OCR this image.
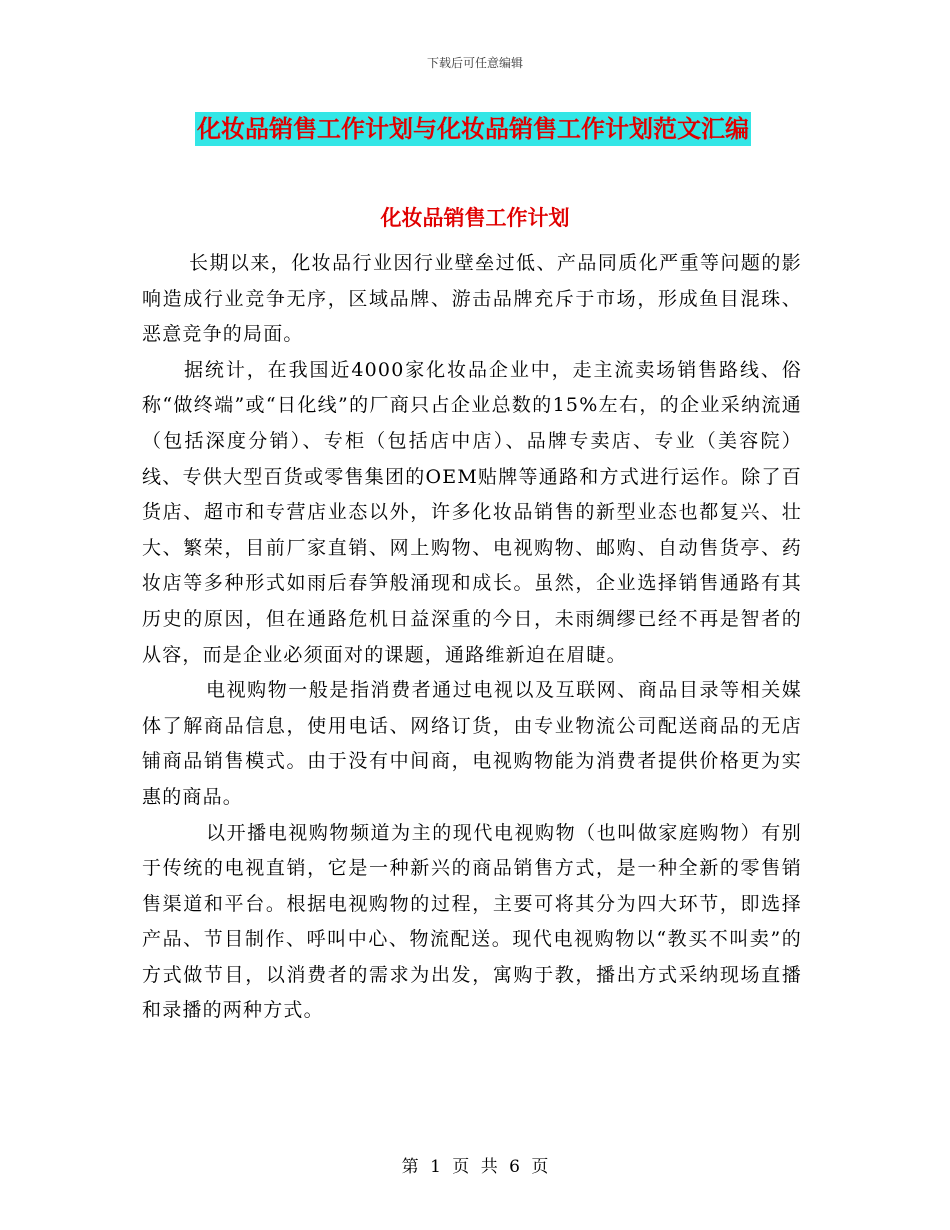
下载后可任意编辑
化妆品销售工作计划与化妆品销售工作计划范文汇编
化妆品销售工作计划

长期以来，化妆品行业因行业壁垒过低、产品同质化严重等问题的影响造成行业竞争无序，区域品牌、游击品牌充斥于市场，形成鱼目混珠、恶意竞争的局面。

据统计，在我国近4000家化妆品企业中，走主流卖场销售路线、俗称“做终端”或“日化线”的厂商只占企业总数的15%左右，的企业采纳流通（包括深度分销）、专柜（包括店中店）、品牌专卖店、专业（美容院）线、专供大型百货或零售集团的OEM贴牌等通路和方式进行运作。除了百货店、超市和专营店业态以外，许多化妆品销售的新型业态也都复兴、壮大、繁荣，目前厂家直销、网上购物、电视购物、邮购、自动售货亭、药妆店等多种形式如雨后春笋般涌现和成长。虽然，企业选择销售通路有其历史的原因，但在通路危机日益深重的今日，未雨绸缪已经不再是智者的从容，而是企业必须面对的课题，通路维新迫在眉睫。

电视购物一般是指消费者通过电视以及互联网、商品目录等相关媒体了解商品信息，使用电话、网络订货，由专业物流公司配送商品的无店铺商品销售模式。由于没有中间商，电视购物能为消费者提供价格更为实惠的商品。

以开播电视购物频道为主的现代电视购物（也叫做家庭购物）有别于传统的电视直销，它是一种新兴的商品销售方式，是一种全新的零售销售渠道和平台。根据电视购物的过程，主要可将其分为四大环节，即选择产品、节目制作、呼叫中心、物流配送。现代电视购物以“教买不叫卖”的方式做节目，以消费者的需求为出发，寓购于教，播出方式采纳现场直播和录播的两种方式。

第 1 页 共 6 页
